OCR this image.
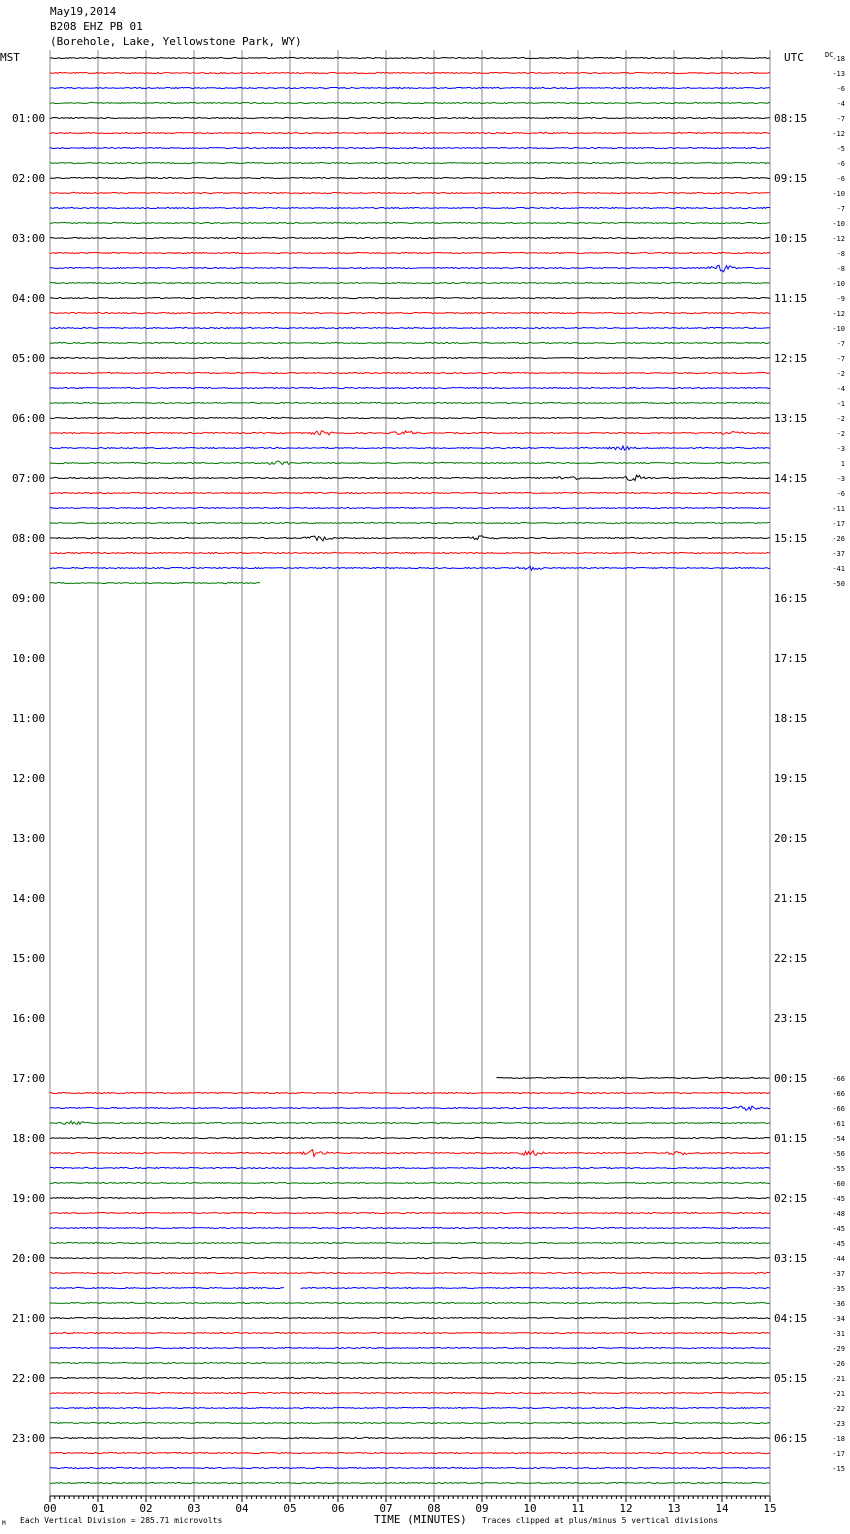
May19,2014
B208 EHZ PB 01
(Borehole, Lake, Yellowstone Park, WY)
MST	UTC	DC
01:00
02:00
03:00
04:00
05:00
06:00
07:00
08:00
09:00
10:00
11:00
12:00
13:00
14:00
15:00
16:00
17:00
18:00
19:00
20:00
21:00
22:00
23:00
08:15
09:15
10:15
11:15
12:15
13:15
14:15
15:15
16:15
17:15
18:15
19:15
20:15
21:15
22:15
23:15
00:15
01:15
02:15
03:15
04:15
05:15
06:15
-18
-13
-6
-4
-7
-12
-5
-6
-6
-10
-7
-10
-12
-8
-8
-10
-9
-12
-10
-7
-7
-2
-4
-1
-2
-2
-3
1
-3
-6
-11
-17
-26
-37
-41
-50
-66
-66
-66
-61
-54
-56
-55
-60
-45
-48
-45
-45
-44
-37
-35
-36
-34
-31
-29
-26
-21
-21
-22
-23
-18
-17
-15
00	01	02	03	04	05	06	07	08	09	10	11	12	13	14	15
Each Vertical Division = 285.71 microvolts	TIME (MINUTES) Traces clipped at plus/minus 5 vertical divisions
M
